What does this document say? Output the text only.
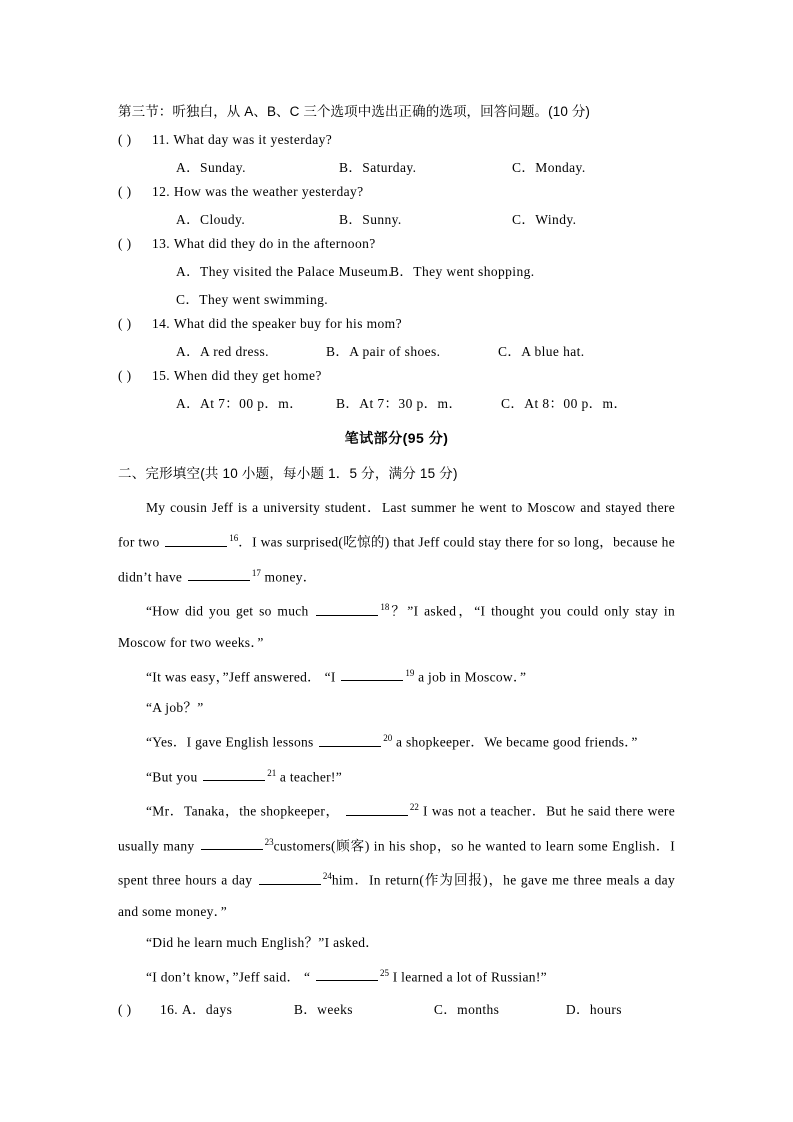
第三节：听独白，从 A、B、C 三个选项中选出正确的选项，回答问题。(10 分)
( ) 11. What day was it yesterday?
A．Sunday.	B．Saturday.	C．Monday.
( ) 12. How was the weather yesterday?
A．Cloudy.	B．Sunny.	C．Windy.
( ) 13. What did they do in the afternoon?
A．They visited the Palace Museum.B．They went shopping.
C．They went swimming.
( ) 14. What did the speaker buy for his mom?
A．A red dress.	B．A pair of shoes.	C．A blue hat.
( ) 15. When did they get home?
A．At 7：00 p．m． B．At 7：30 p．m．	C．At 8：00 p．m．
笔试部分(95 分)
二、完形填空(共 10 小题，每小题 1．5 分，满分 15 分)

My cousin Jeff is a university student．Last summer he went to Moscow and stayed there for two	$^{16}$．I was surprised(吃惊的) that Jeff could stay there for so long，because he didn’t have	$^{17}$ money．

“How did you get so much	$^{18}$？”I asked，“I thought you could only stay in Moscow for two weeks．”

“It was easy，”Jeff answered． “I	$^{19}$ a job in Moscow．”

“A job？”

“Yes．I gave English lessons	$^{20}$ a shopkeeper．We became good friends．”

“But you	$^{21}$ a teacher!”

“Mr．Tanaka，the shopkeeper，	$^{22}$ I was not a teacher．But he said there were usually many	$^{23}$customers(顾客) in his shop，so he wanted to learn some English．I spent three hours a day	$^{24}$him．In return(作为回报)，he gave me three meals a day and some money．”

“Did he learn much English？”I asked．

“I don’t know，”Jeff said． “	$^{25}$ I learned a lot of Russian!”

( ) 16. A．days	B．weeks	C．months	D．hours
